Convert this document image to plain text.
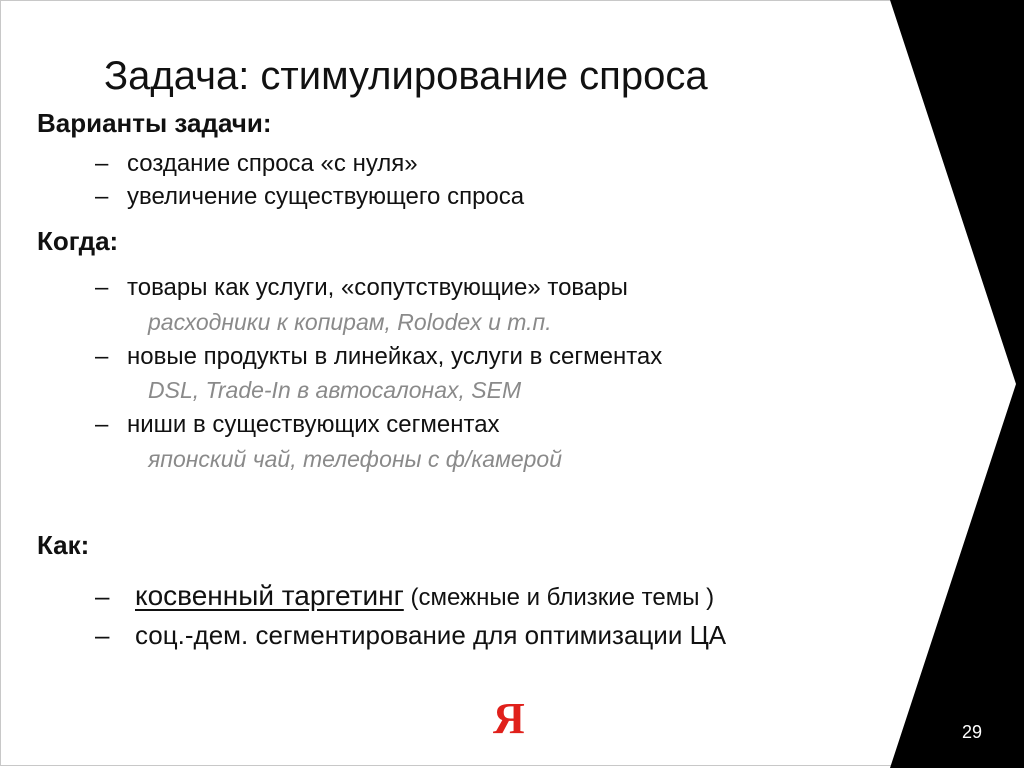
Задача: стимулирование спроса
Варианты задачи:
– создание спроса «с нуля»
– увеличение существующего спроса
Когда:
– товары как услуги, «сопутствующие» товары
расходники к копирам, Rolodex и т.п.
– новые продукты в линейках, услуги в сегментах
DSL, Trade-In в автосалонах, SEM
– ниши в существующих сегментах
японский чай, телефоны с ф/камерой
Как:
– косвенный таргетинг (смежные и близкие темы )
– соц.-дем. сегментирование для оптимизации ЦА
Я	29
